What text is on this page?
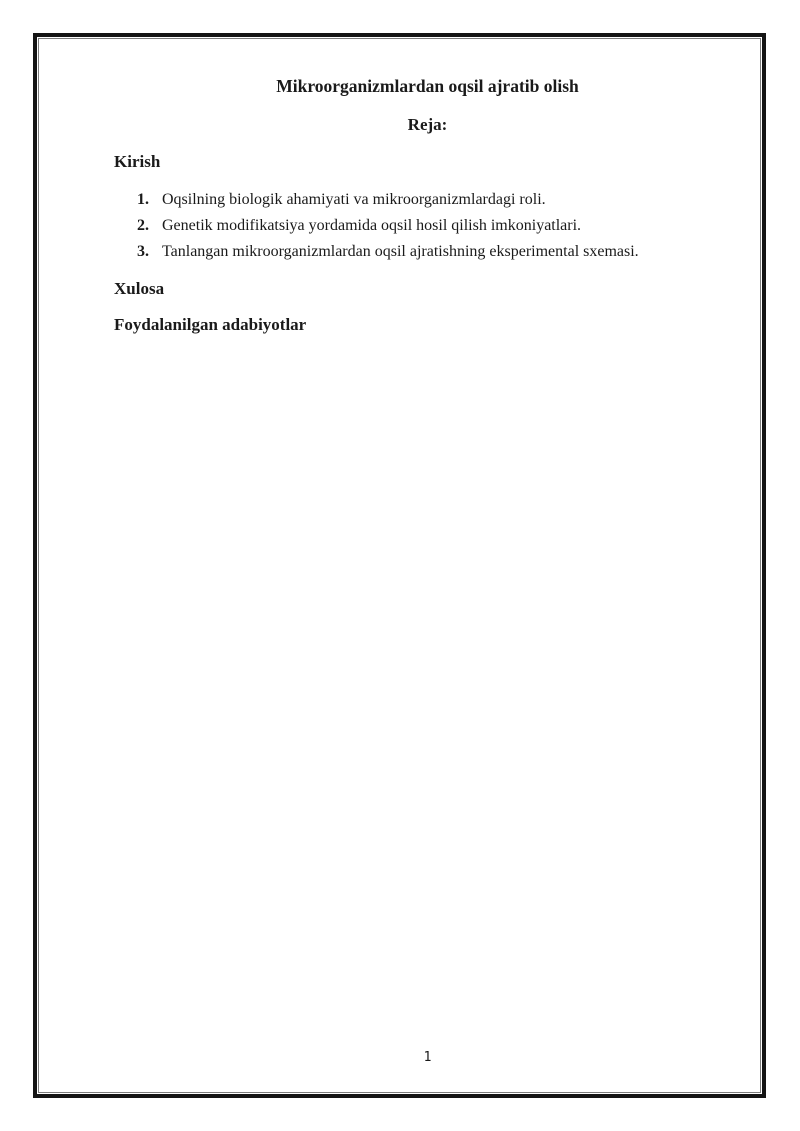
Mikroorganizmlardan oqsil ajratib olish
Reja:
Kirish
1. Oqsilning biologik ahamiyati va mikroorganizmlardagi roli.
2. Genetik modifikatsiya yordamida oqsil hosil qilish imkoniyatlari.
3. Tanlangan mikroorganizmlardan oqsil ajratishning eksperimental sxemasi.
Xulosa
Foydalanilgan adabiyotlar
1
